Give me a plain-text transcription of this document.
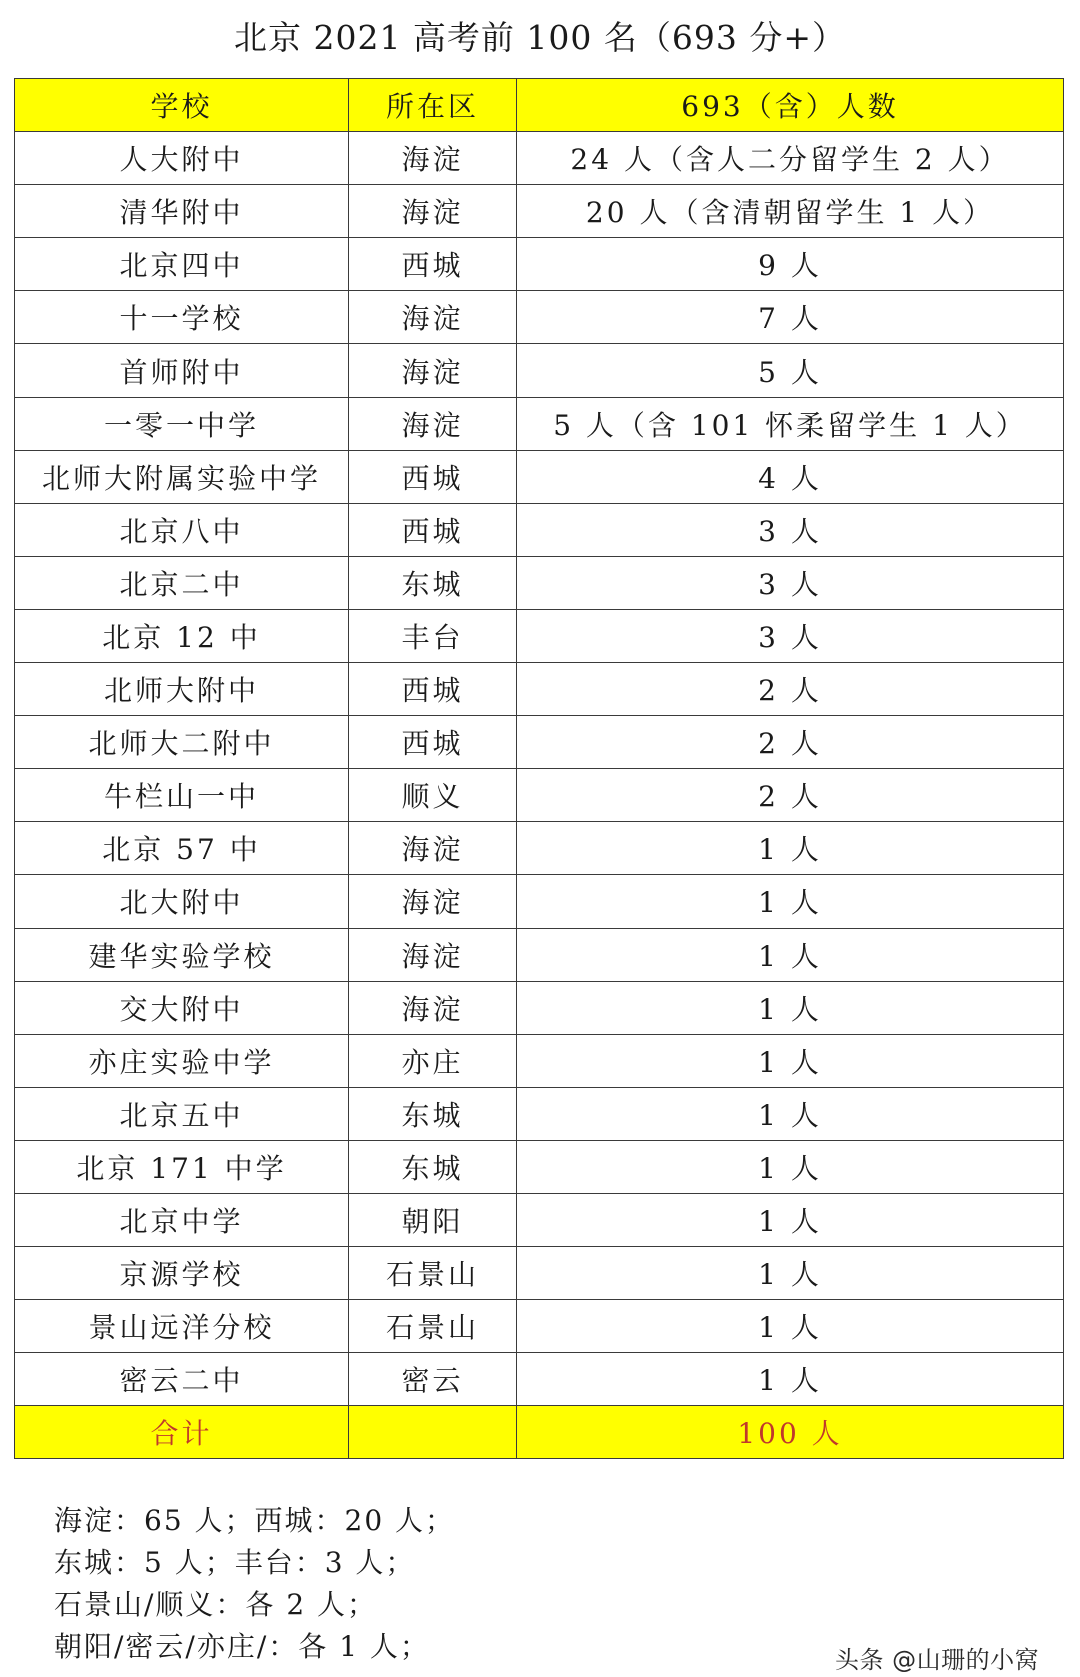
北京 2021 高考前 100 名（693 分+）
学校	所在区	693（含）人数
人大附中	海淀	24 人（含人二分留学生 2 人）
清华附中	海淀	20 人（含清朝留学生 1 人）
北京四中	西城	9 人
十一学校	海淀	7 人
首师附中	海淀	5 人
一零一中学	海淀	5 人（含 101 怀柔留学生 1 人）
北师大附属实验中学	西城	4 人
北京八中	西城	3 人
北京二中	东城	3 人
北京 12 中	丰台	3 人
北师大附中	西城	2 人
北师大二附中	西城	2 人
牛栏山一中	顺义	2 人
北京 57 中	海淀	1 人
北大附中	海淀	1 人
建华实验学校	海淀	1 人
交大附中	海淀	1 人
亦庄实验中学	亦庄	1 人
北京五中	东城	1 人
北京 171 中学	东城	1 人
北京中学	朝阳	1 人
京源学校	石景山	1 人
景山远洋分校	石景山	1 人
密云二中	密云	1 人
合计		100 人
海淀：65 人；西城：20 人；
东城：5 人；丰台：3 人；
石景山/顺义：各 2 人；
朝阳/密云/亦庄/：各 1 人；	头条 @山珊的小窝
